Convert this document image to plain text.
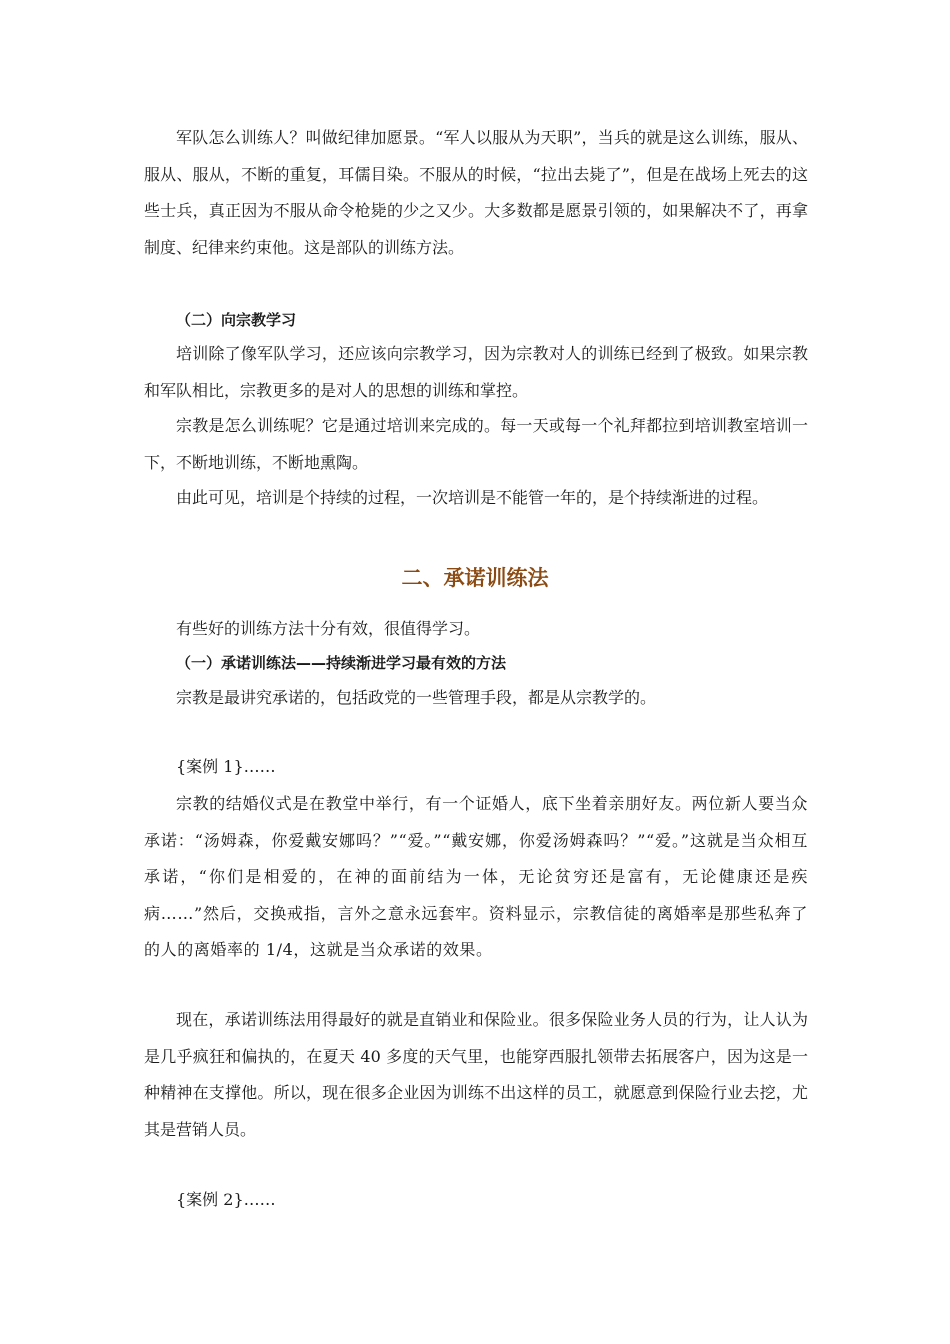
军队怎么训练人？叫做纪律加愿景。“军人以服从为天职”，当兵的就是这么训练，服从、服从、服从，不断的重复，耳儒目染。不服从的时候，“拉出去毙了”，但是在战场上死去的这些士兵，真正因为不服从命令枪毙的少之又少。大多数都是愿景引领的，如果解决不了，再拿制度、纪律来约束他。这是部队的训练方法。

（二）向宗教学习

培训除了像军队学习，还应该向宗教学习，因为宗教对人的训练已经到了极致。如果宗教和军队相比，宗教更多的是对人的思想的训练和掌控。

宗教是怎么训练呢？它是通过培训来完成的。每一天或每一个礼拜都拉到培训教室培训一下，不断地训练，不断地熏陶。

由此可见，培训是个持续的过程，一次培训是不能管一年的，是个持续渐进的过程。

二、承诺训练法

有些好的训练方法十分有效，很值得学习。

（一）承诺训练法——持续渐进学习最有效的方法

宗教是最讲究承诺的，包括政党的一些管理手段，都是从宗教学的。

{案例 1}……

宗教的结婚仪式是在教堂中举行，有一个证婚人，底下坐着亲朋好友。两位新人要当众承诺：“汤姆森，你爱戴安娜吗？”“爱。”“戴安娜，你爱汤姆森吗？”“爱。”这就是当众相互承诺，“你们是相爱的，在神的面前结为一体，无论贫穷还是富有，无论健康还是疾病……”然后，交换戒指，言外之意永远套牢。资料显示，宗教信徒的离婚率是那些私奔了的人的离婚率的 1/4，这就是当众承诺的效果。

现在，承诺训练法用得最好的就是直销业和保险业。很多保险业务人员的行为，让人认为是几乎疯狂和偏执的，在夏天 40 多度的天气里，也能穿西服扎领带去拓展客户，因为这是一种精神在支撑他。所以，现在很多企业因为训练不出这样的员工，就愿意到保险行业去挖，尤其是营销人员。

{案例 2}……
